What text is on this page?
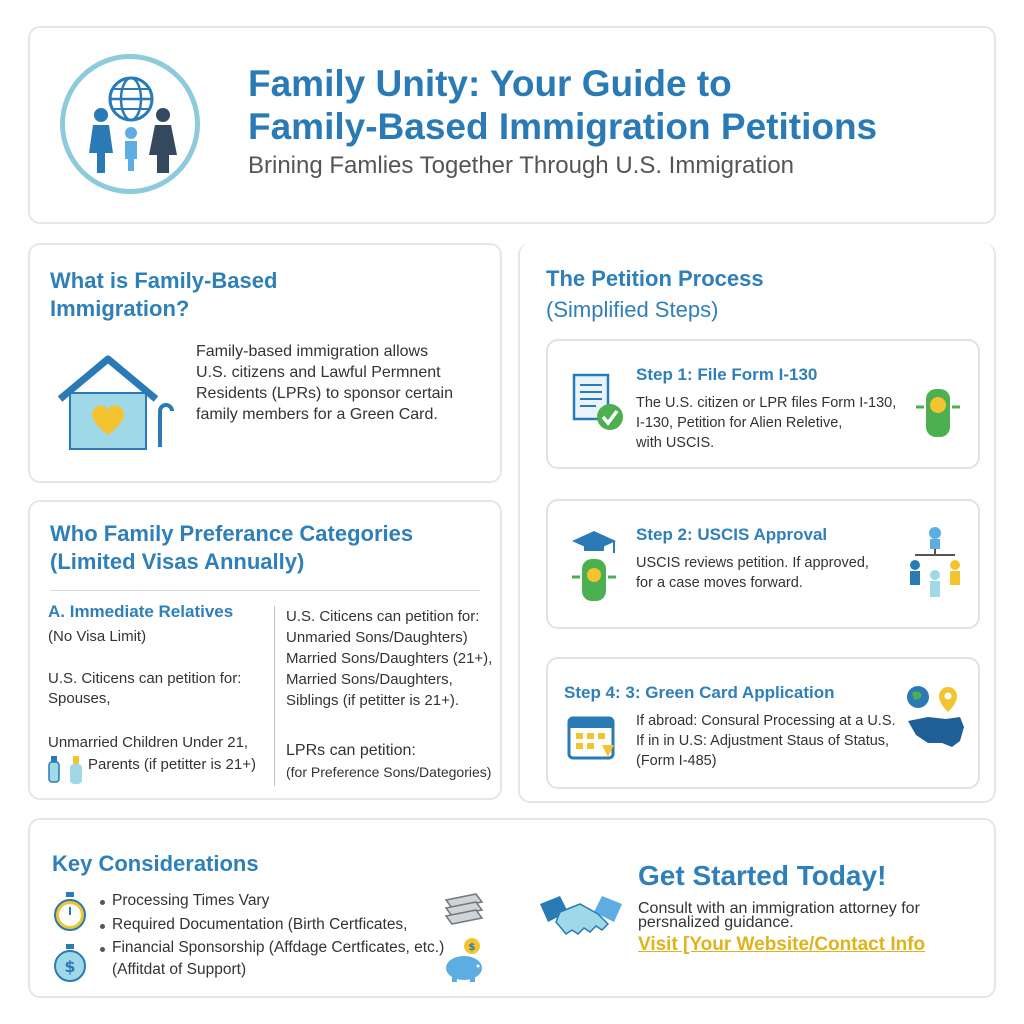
Family Unity: Your Guide to
Family-Based Immigration Petitions
Brining Famlies Together Through U.S. Immigration
What is Family-Based
Immigration?
Family-based immigration allows
U.S. citizens and Lawful Permnent
Residents (LPRs) to sponsor certain
family members for a Green Card.
Who Family Preferance Categories
(Limited Visas Annually)
A. Immediate Relatives
(No Visa Limit)
U.S. Citicens can petition for:
Spouses,
Unmarried Children Under 21,
Parents (if petitter is 21+)
U.S. Citicens can petition for:
Unmaried Sons/Daughters)
Married Sons/Daughters (21+),
Married Sons/Daughters,
Siblings (if petitter is 21+).
LPRs can petition:
(for Preference Sons/Dategories)
The Petition Process
(Simplified Steps)
Step 1: File Form I-130
The U.S. citizen or LPR files Form I-130,
I-130, Petition for Alien Reletive,
with USCIS.
Step 2: USCIS Approval
USCIS reviews petition. If approved,
for a case moves forward.
Step 4: 3: Green Card Application
If abroad: Consural Processing at a U.S.
If in in U.S: Adjustment Staus of Status,
(Form I-485)
Key Considerations
$
Processing Times Vary
Required Documentation (Birth Certficates,
Financial Sponsorship (Affdage Certficates, etc.)
(Affitdat of Support)
$
Get Started Today!
Consult with an immigration attorney for persnalized guidance.
Visit [Your Website/Contact Info
